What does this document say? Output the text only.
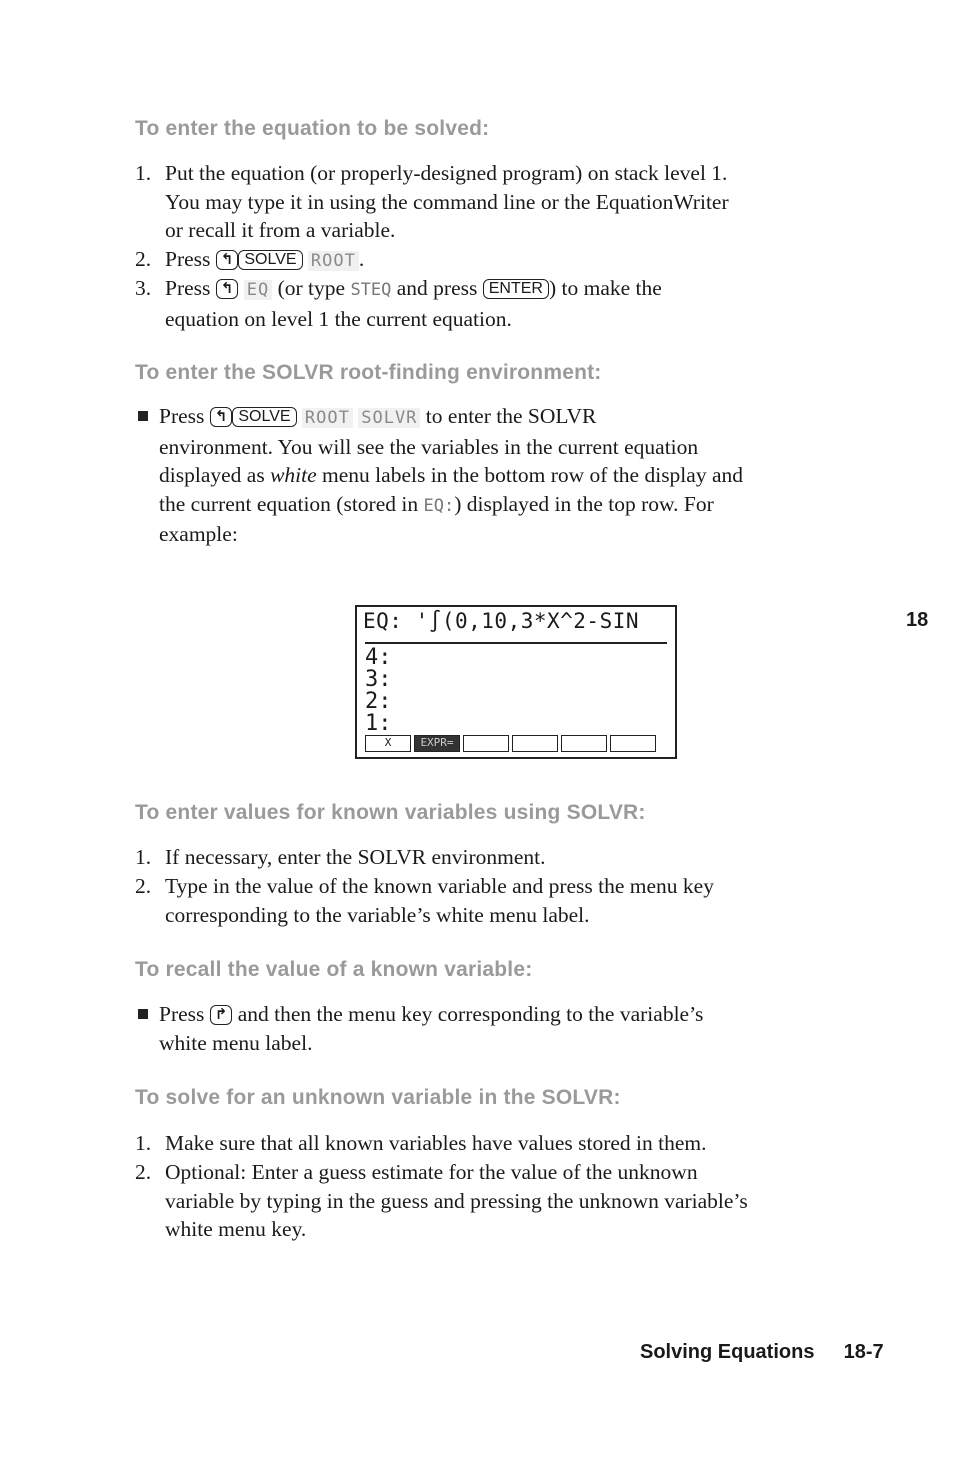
To enter the equation to be solved:
1. Put the equation (or properly-designed program) on stack level 1.
You may type it in using the command line or the EquationWriter
or recall it from a variable.
2. Press ↰ SOLVE ROOT .
3. Press ↰ EQ (or type STEQ and press ENTER ) to make the
equation on level 1 the current equation.
To enter the SOLVR root-finding environment:
Press ↰ SOLVE ROOT SOLVR to enter the SOLVR
environment. You will see the variables in the current equation
displayed as white menu labels in the bottom row of the display and
the current equation (stored in EQ:) displayed in the top row. For
example:
EQ: '∫(0,10,3*X^2-SIN
4:
3:
2:
1:
X	EXPR=
18
To enter values for known variables using SOLVR:
1. If necessary, enter the SOLVR environment.
2. Type in the value of the known variable and press the menu key
corresponding to the variable’s white menu label.
To recall the value of a known variable:
Press ↱ and then the menu key corresponding to the variable’s
white menu label.
To solve for an unknown variable in the SOLVR:
1. Make sure that all known variables have values stored in them.
2. Optional: Enter a guess estimate for the value of the unknown
variable by typing in the guess and pressing the unknown variable’s
white menu key.
Solving Equations 18-7
